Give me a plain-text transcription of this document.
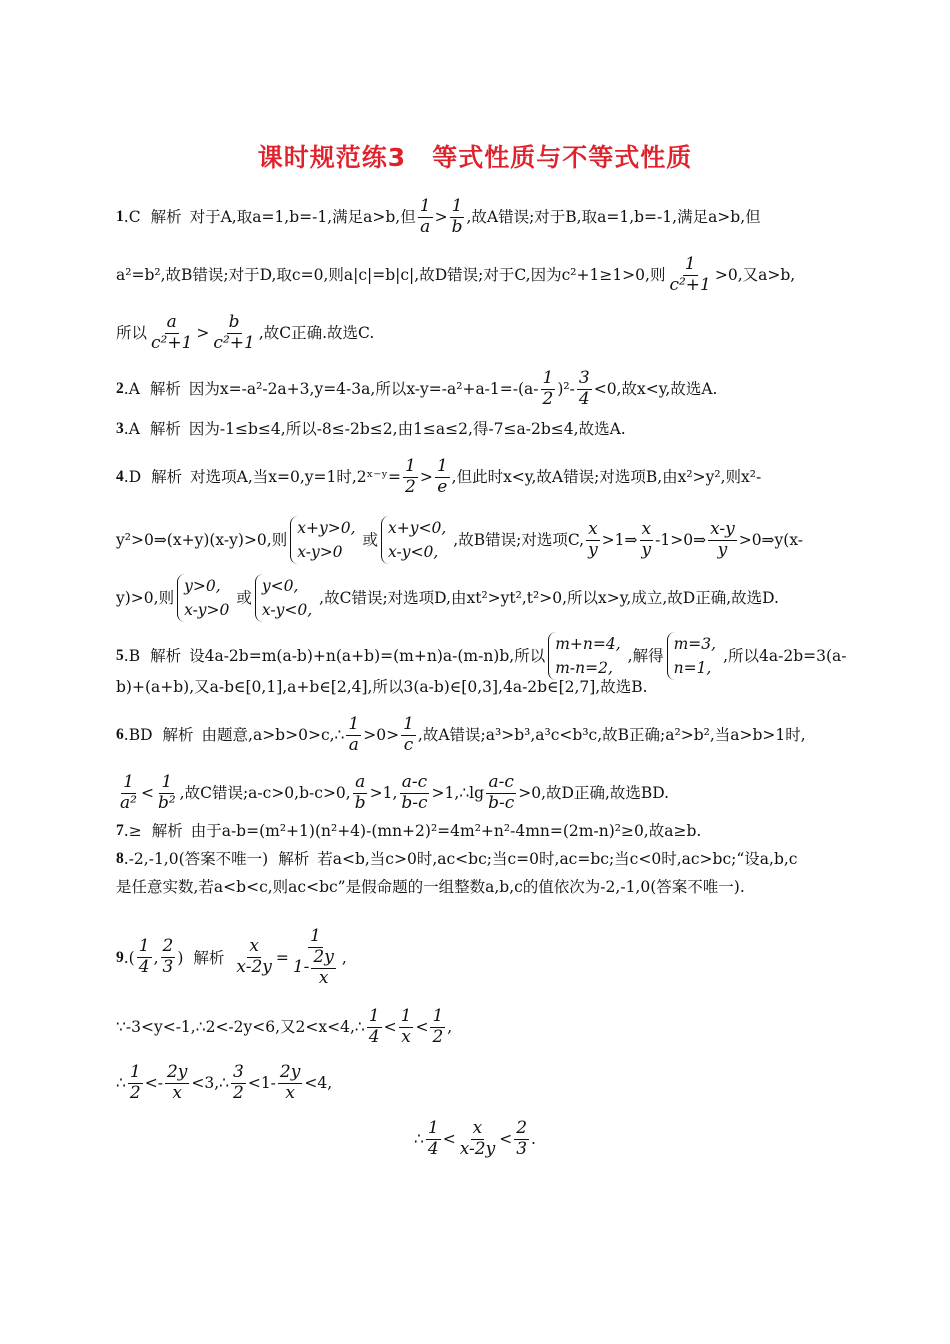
课时规范练3　等式性质与不等式性质
1 . C 解析 对于A,取a=1,b=-1,满足a>b,但 $\frac{1}{a} > \frac{1}{b}$ ,故A错误;对于B,取a=1,b=-1,满足a>b,但
a²=b²,故B错误;对于D,取c=0,则a|c|=b|c|,故D错误;对于C,因为c²+1≥1>0,则 $\frac{1}{\text{c²+1}} >0$,又a>b,
所以 $\frac{a}{\text{c²+1}} > \frac{b}{\text{c²+1}}$ ,故C正确.故选C.
2 . A 解析 因为x=-a²-2a+3,y=4-3a,所以$x-y=-a^2+a-1=-(a- \frac{1}{2} )^2- \frac{3}{4} <0$,故x<y,故选A.
3 . A 解析 因为-1≤b≤4,所以-8≤-2b≤2,由1≤a≤2,得-7≤a-2b≤4,故选A.
4 . D 解析 对选项A,当x=0,y=1时,2ˣ⁻ʸ= $\frac{1}{2} > \frac{1}{e}$ ,但此时x<y,故A错误;对选项B,由x²>y²,则x²-
y²>0⇒(x+y)(x-y)>0,则
x+y>0,
x-y>0
或
x+y<0,
x-y<0,
,故B错误;对选项C, $\frac{x}{y}$ >1⇒ $\frac{x}{y}$ -1>0⇒ $\frac{x-y}{y}$ >0⇒y(x-
y)>0,则
y>0,
x-y>0
或
y<0,
x-y<0,
,故C错误;对选项D,由xt²>yt²,t²>0,所以x>y,成立,故D正确,故选D.
5 . B 解析 设4a-2b=m(a-b)+n(a+b)=(m+n)a-(m-n)b,所以
m+n=4,
m-n=2,
,解得
m=3,
n=1,
,所以4a-2b=3(a-
b)+(a+b),又a-b∈[0,1],a+b∈[2,4],所以3(a-b)∈[0,3],4a-2b∈[2,7],故选B.
6 . BD 解析 由题意,a>b>0>c,∴ $\frac{1}{a} >0> \frac{1}{c}$ ,故A错误;a³>b³,a³c<b³c,故B正确;a²>b²,当a>b>1时,
$\frac{1}{\text{a²}} < \frac{1}{\text{b²}}$ ,故C错误;a-c>0,b-c>0, $\frac{a}{b} >1$, $\frac{a-c}{b-c}$ >1,∴lg $\frac{a-c}{b-c} >0$,故D正确,故选BD.
7 . ≥ 解析 由于a-b=(m²+1)(n²+4)-(mn+2)²=4m²+n²-4mn=(2m-n)²≥0,故a≥b.
8 . -2,-1,0(答案不唯一) 解析 若a<b,当c>0时,ac<bc;当c=0时,ac=bc;当c<0时,ac>bc;“设a,b,c
是任意实数,若a<b<c,则ac<bc”是假命题的一组整数a,b,c的值依次为-2,-1,0(答案不唯一).
9 .( $\frac{1}{4}$ , $\frac{2}{3}$ ) 解析 $\frac{x}{x-2y} = \frac{1}{1- \frac{2y}{x}}$ ,
∵-3<y<-1,∴2<-2y<6,又2<x<4,∴ $\frac{1}{4} < \frac{1}{x} < \frac{1}{2}$ ,
∴ $\frac{1}{2} <- \frac{2y}{x}$ <3,∴ $\frac{3}{2} <1- \frac{2y}{x} <4$,
∴ $\frac{1}{4} < \frac{x}{x-2y} < \frac{2}{3}$ .
